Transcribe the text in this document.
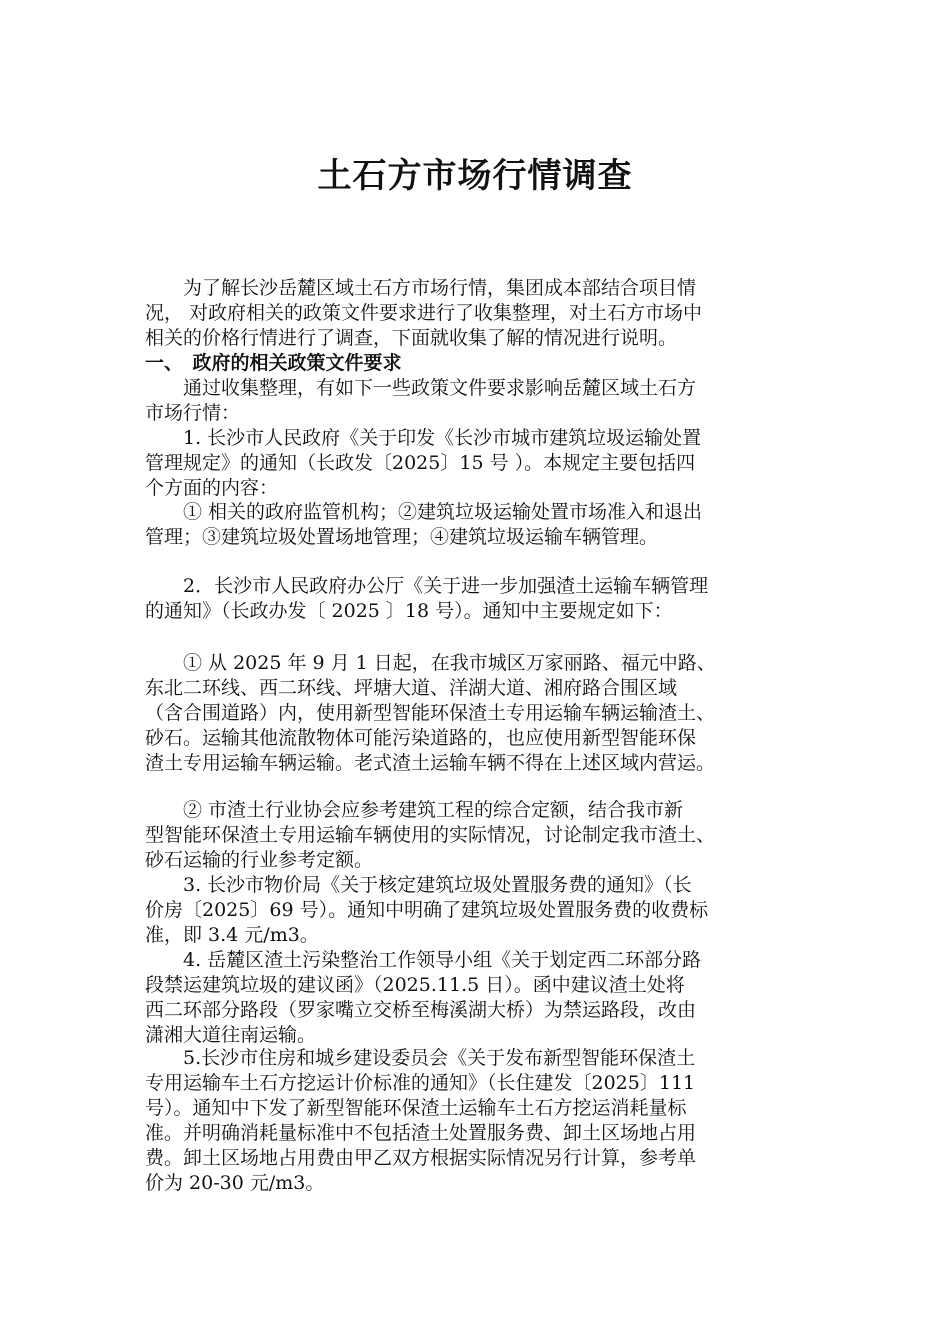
土石方市场行情调查
　　为了解长沙岳麓区域土石方市场行情，集团成本部结合项目情
况， 对政府相关的政策文件要求进行了收集整理，对土石方市场中
相关的价格行情进行了调查，下面就收集了解的情况进行说明。
一、　政府的相关政策文件要求
　　通过收集整理，有如下一些政策文件要求影响岳麓区域土石方
市场行情：
　　1. 长沙市人民政府《关于印发《长沙市城市建筑垃圾运输处置
管理规定》的通知（长政发〔2025〕15 号 ）。本规定主要包括四
个方面的内容：
　　① 相关的政府监管机构；②建筑垃圾运输处置市场准入和退出
管理；③建筑垃圾处置场地管理；④建筑垃圾运输车辆管理。
　　2．长沙市人民政府办公厅《关于进一步加强渣土运输车辆管理
的通知》（长政办发〔 2025 〕18 号）。通知中主要规定如下：
　　① 从 2025 年 9 月 1 日起，在我市城区万家丽路、福元中路、
东北二环线、西二环线、坪塘大道、洋湖大道、湘府路合围区域
（含合围道路）内，使用新型智能环保渣土专用运输车辆运输渣土、
砂石。运输其他流散物体可能污染道路的，也应使用新型智能环保
渣土专用运输车辆运输。老式渣土运输车辆不得在上述区域内营运。
　　② 市渣土行业协会应参考建筑工程的综合定额，结合我市新
型智能环保渣土专用运输车辆使用的实际情况，讨论制定我市渣土、
砂石运输的行业参考定额。
　　3. 长沙市物价局《关于核定建筑垃圾处置服务费的通知》（长
价房〔2025〕69 号）。通知中明确了建筑垃圾处置服务费的收费标
准，即 3.4 元/m3。
　　4. 岳麓区渣土污染整治工作领导小组《关于划定西二环部分路
段禁运建筑垃圾的建议函》（2025.11.5 日）。函中建议渣土处将
西二环部分路段（罗家嘴立交桥至梅溪湖大桥）为禁运路段，改由
潇湘大道往南运输。
　　5.长沙市住房和城乡建设委员会《关于发布新型智能环保渣土
专用运输车土石方挖运计价标准的通知》（长住建发〔2025〕111
号）。通知中下发了新型智能环保渣土运输车土石方挖运消耗量标
准。并明确消耗量标准中不包括渣土处置服务费、卸土区场地占用
费。卸土区场地占用费由甲乙双方根据实际情况另行计算，参考单
价为 20-30 元/m3。
